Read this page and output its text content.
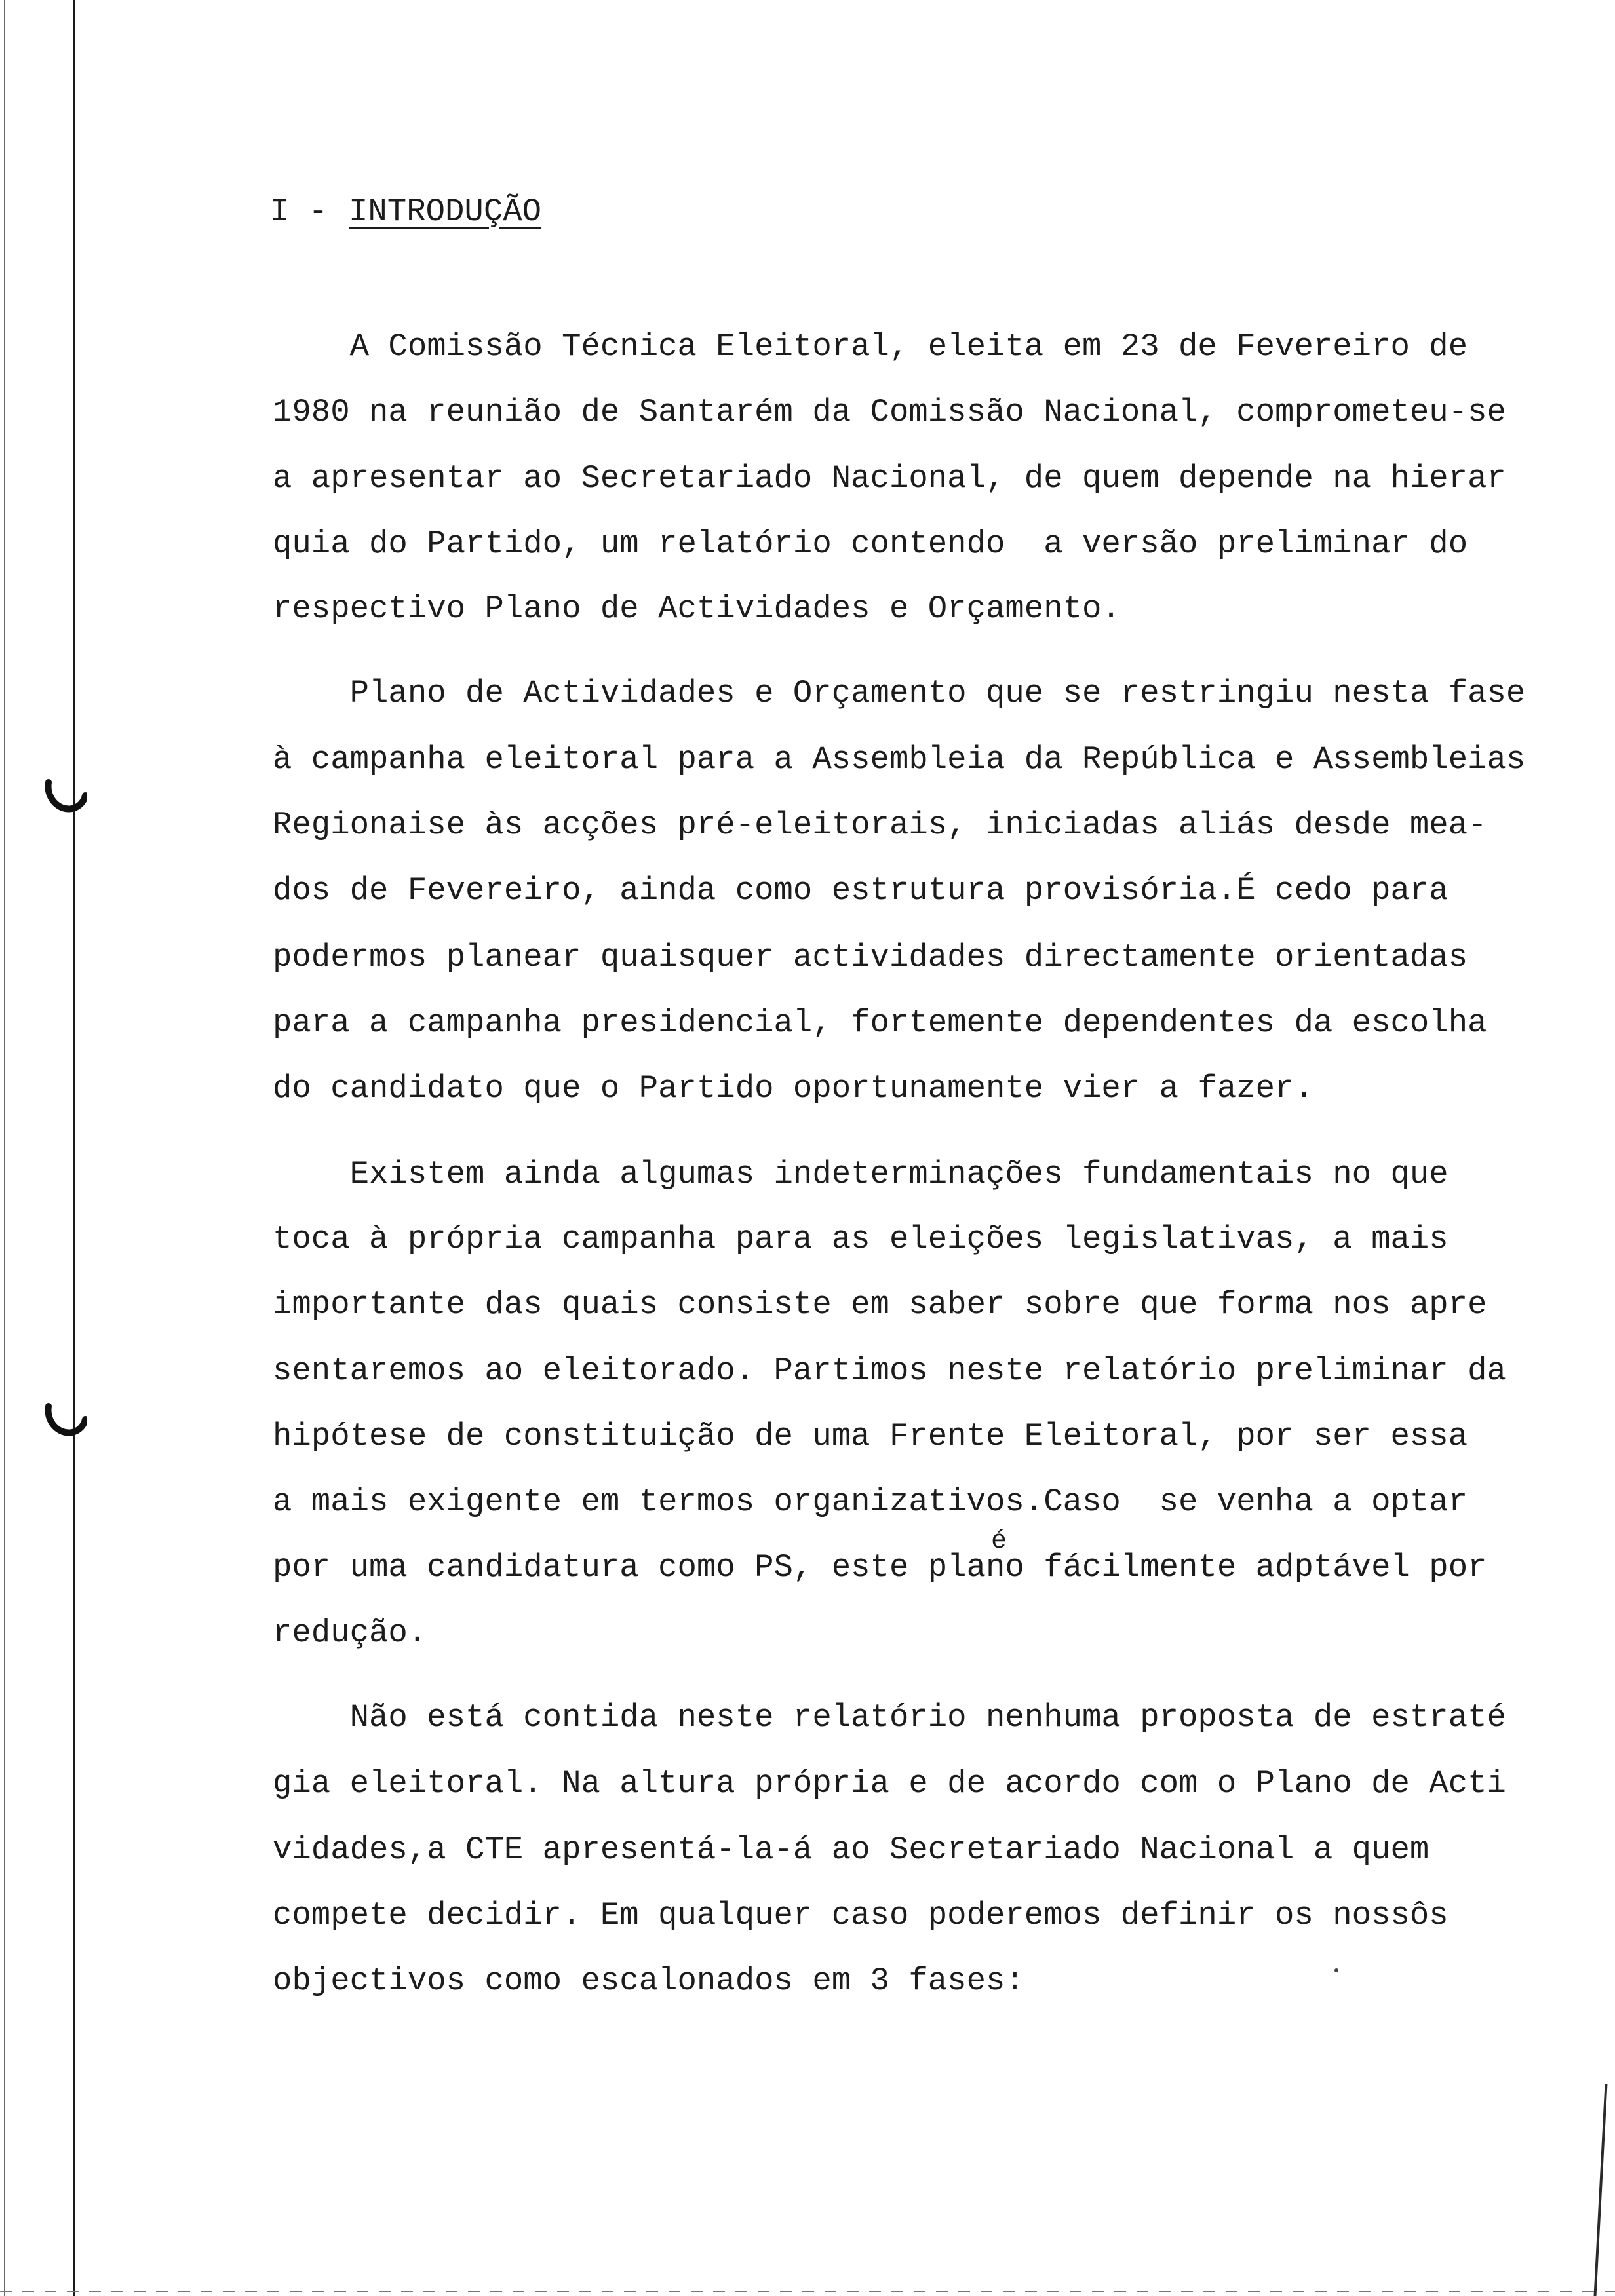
I -

INTRODUÇÃO

A Comissão Técnica Eleitoral, eleita em 23 de Fevereiro de

1980 na reunião de Santarém da Comissão Nacional, comprometeu-se

a apresentar ao Secretariado Nacional, de quem depende na hierar

quia do Partido, um relatório contendo  a versão preliminar do

respectivo Plano de Actividades e Orçamento.

Plano de Actividades e Orçamento que se restringiu nesta fase

à campanha eleitoral para a Assembleia da República e Assembleias

Regionaise às acções pré-eleitorais, iniciadas aliás desde mea-

dos de Fevereiro, ainda como estrutura provisória.É cedo para

podermos planear quaisquer actividades directamente orientadas

para a campanha presidencial, fortemente dependentes da escolha

do candidato que o Partido oportunamente vier a fazer.

Existem ainda algumas indeterminações fundamentais no que

toca à própria campanha para as eleições legislativas, a mais

importante das quais consiste em saber sobre que forma nos apre

sentaremos ao eleitorado. Partimos neste relatório preliminar da

hipótese de constituição de uma Frente Eleitoral, por ser essa

a mais exigente em termos organizativos.Caso  se venha a optar

por uma candidatura como PS, este plano fácilmente adptável por

redução.

é

Não está contida neste relatório nenhuma proposta de estraté

gia eleitoral. Na altura própria e de acordo com o Plano de Acti

vidades,a CTE apresentá-la-á ao Secretariado Nacional a quem

compete decidir. Em qualquer caso poderemos definir os nossôs

objectivos como escalonados em 3 fases:
